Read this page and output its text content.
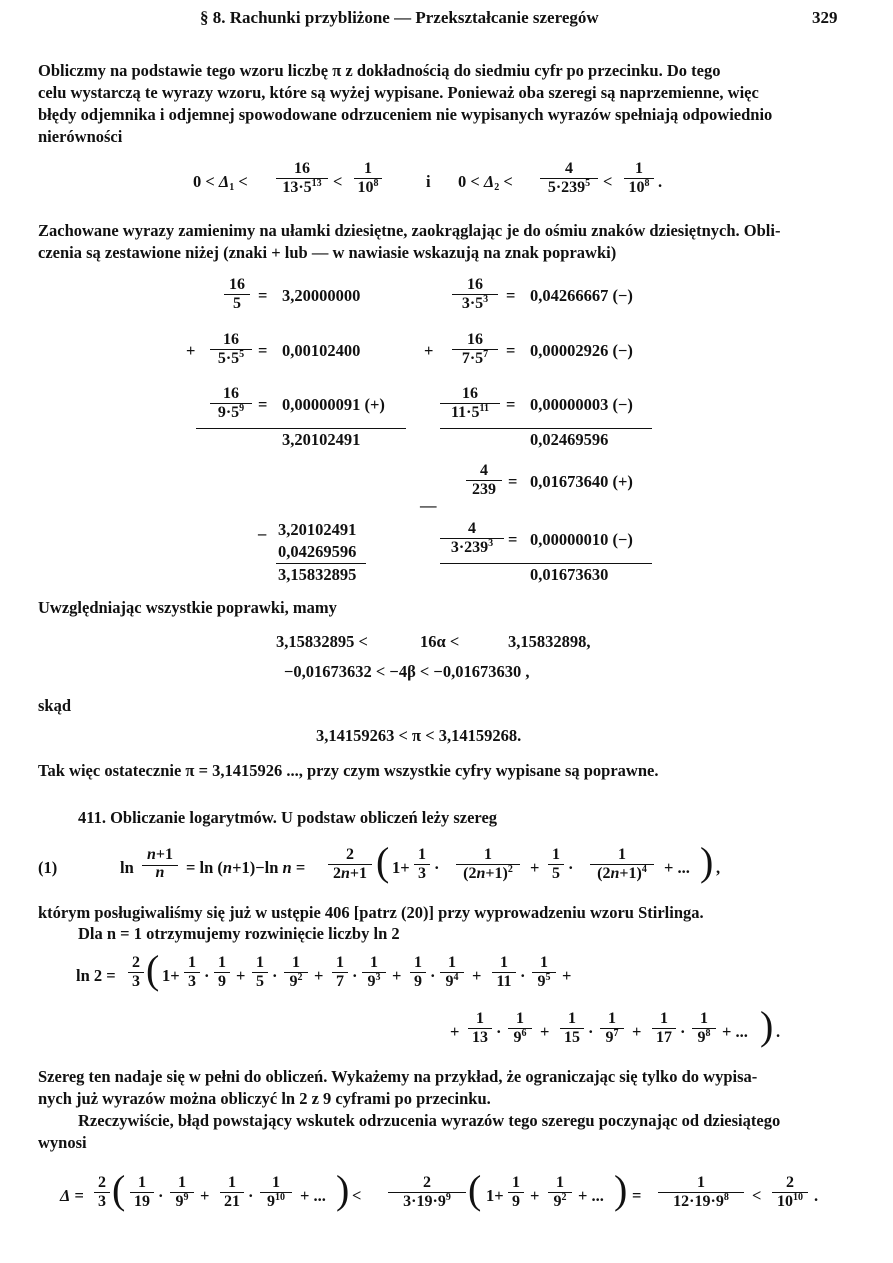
§ 8. Rachunki przybliżone — Przekształcanie szeregów	329
Obliczmy na podstawie tego wzoru liczbę π z dokładnością do siedmiu cyfr po przecinku. Do tego
celu wystarczą te wyrazy wzoru, które są wyżej wypisane. Ponieważ oba szeregi są naprzemienne, więc
błędy odjemnika i odjemnej spowodowane odrzuceniem nie wypisanych wyrazów spełniają odpowiednio
nierówności
$0 < \Delta_1 < \frac{16}{13\cdot 5^{13}} < \frac{1}{10^8}$	i $0 < \Delta_2 < \frac{4}{5\cdot 239^5} < \frac{1}{10^8}$ .
Zachowane wyrazy zamienimy na ułamki dziesiętne, zaokrąglając je do ośmiu znaków dziesiętnych. Obli-
czenia są zestawione niżej (znaki + lub — w nawiasie wskazują na znak poprawki)
$\frac{16}{5} = 3,20000000$
+ $\frac{16}{5\cdot 5^5} = 0,00102400$
$\frac{16}{9\cdot 5^9} = 0,00000091$ (+)
3,20102491
$\frac{16}{3\cdot 5^3} = 0,04266667$ (−)
+ $\frac{16}{7\cdot 5^7} = 0,00002926$ (−)
$\frac{16}{11\cdot 5^{11}} = 0,00000003$ (−)
0,02469596
$\frac{4}{239} = 0,01673640$ (+)
—
_ 3,20102491
0,04269596
3,15832895
$\frac{4}{3\cdot 239^3} = 0,00000010$ (−)
0,01673630
Uwzględniając wszystkie poprawki, mamy
3,15832895 <	16α <	3,15832898,
−0,01673632 < −4β < −0,01673630 ,
skąd
3,14159263 < π < 3,14159268.
Tak więc ostatecznie π = 3,1415926 ..., przy czym wszystkie cyfry wypisane są poprawne.
411. Obliczanie logarytmów. U podstaw obliczeń leży szereg
(1)	ln
n+1
n	= ln (n+1)−ln $n = \frac{2}{2n+1}$ ( $1+ \frac{1}{3} \cdot \frac{1}{(2n+1)^2} + \frac{1}{5} \cdot \frac{1}{(2n+1)^4}$ + ... ) ,
którym posługiwaliśmy się już w ustępie 406 [patrz (20)] przy wyprowadzeniu wzoru Stirlinga.
Dla n = 1 otrzymujemy rozwinięcie liczby ln 2
$\ln 2 = \frac{2}{3}$ ( $1+ \frac{1}{3} \cdot \frac{1}{9} + \frac{1}{5} \cdot \frac{1}{9^2} + \frac{1}{7} \cdot \frac{1}{9^3} + \frac{1}{9} \cdot \frac{1}{9^4} + \frac{1}{11} \cdot \frac{1}{9^5}$ +
+ $\frac{1}{13} \cdot \frac{1}{9^6} + \frac{1}{15} \cdot \frac{1}{9^7} + \frac{1}{17} \cdot \frac{1}{9^8}$ + ... ) .
Szereg ten nadaje się w pełni do obliczeń. Wykażemy na przykład, że ograniczając się tylko do wypisa-
nych już wyrazów można obliczyć ln 2 z 9 cyframi po przecinku.
Rzeczywiście, błąd powstający wskutek odrzucenia wyrazów tego szeregu poczynając od dziesiątego
wynosi
$\Delta = \frac{2}{3}$ ( $\frac{1}{19} \cdot \frac{1}{9^9} + \frac{1}{21} \cdot \frac{1}{9^{10}}$ + ... ) < $\frac{2}{3\cdot 19\cdot 9^9}$ ( $1+ \frac{1}{9} + \frac{1}{9^2}$ + ... ) = $\frac{1}{12\cdot 19\cdot 9^8} < \frac{2}{10^{10}}$ .
